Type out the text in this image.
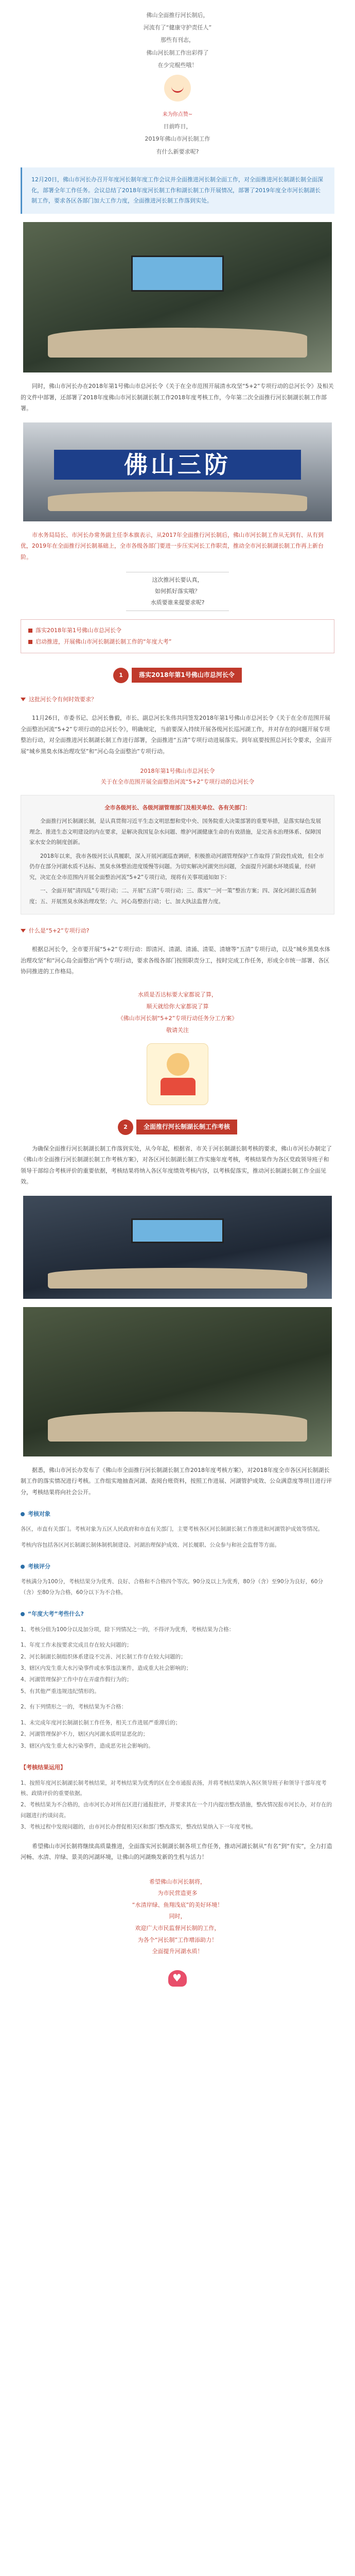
佛山全面推行河长制后，
河流有了“健康守护责任人”
那些有刊志，
佛山河长制工作出彩得了
在少完棍些哦！
来为你点赞~
日前昨日，
2019年佛山市河长制工作
有什么新要求呢?
12月20日，佛山市河长办召开年度河长制年度工作会议并全面推进河长制全面工作，对全面推进河长制湖长制全面深化，部署全年工作任务。会议总结了2018年度河长制工作和湖长制工作开展情况，部署了2019年度全市河长制湖长制工作，要求各区各部门加大工作力度，全面推进河长制工作落到实处。

同时，佛山市河长办在2018年第1号佛山市总河长令《关于在全市范围开展清水攻坚“5+2”专项行动的总河长令》及相关的文件中部署，还部署了2018年度佛山市河长制湖长制工作2018年度考核工作，今年第二次全面推行河长制湖长制工作部署。

佛山三防

市水务局局长、市河长办常务副主任李本旗表示，从2017年全面推行河长制后，佛山市河长制工作从无到有、从有到优，2019年在全面推行河长制基础上，全市各级各部门要进一步压实河长工作职责，推动全市河长制湖长制工作再上新台阶。

这次推河长要认真，
如何抓好落实哦？
水质要谁来提要求呢?
落实2018年第1号佛山市总河长令
启动推进，开展佛山市河长制湖长制工作的“年度大考”
1	落实2018年第1号佛山市总河长令
这批河长令有何时效要求？

11月26日，市委书记、总河长鲁毅，市长、副总河长朱伟共同签发2018年第1号佛山市总河长令《关于在全市范围开展全面整治河流“5+2”专项行动的总河长令》，明确规定，当前要深入持续开展各级河长巡河湖工作，并对存在的问题开展专项整治行动，对全面推进河长制湖长制工作进行部署，全面推进“五清”专项行动进展落实。到年底要按照总河长令要求，全面开展“城乡黑臭水体治理攻坚”和“河心岛全面整治”专项行动。

2018年第1号佛山市总河长令
关于在全市范围开展全面整治河流“5+2”专项行动的总河长令

全市各级河长、各级河湖管理部门及相关单位、各有关部门：

全面推行河长制湖长制，是认真贯彻习近平生态文明思想和党中央、国务院重大决策部署的重要举措，是落实绿色发展理念、推进生态文明建设的内在要求，是解决我国复杂水问题、维护河湖健康生命的有效措施，是完善水治理体系、保障国家水安全的制度创新。

2018年以来，我市各级河长认真履职，深入开展河湖巡查调研，积极推动河湖管理保护工作取得了阶段性成效，但全市仍存在部分河湖水质不达标、黑臭水体整治进度缓慢等问题。为切实解决河湖突出问题，全面提升河湖水环境质量，经研究，决定在全市范围内开展全面整治河流“5+2”专项行动，现将有关事项通知如下：

一、全面开展“清四乱”专项行动；二、开展“五清”专项行动；三、落实“一河一策”整治方案；四、深化河湖长巡查制度；五、开展黑臭水体治理攻坚；六、河心岛整治行动；七、加大执法监督力度。

什么是“5+2”专项行动?

根据总河长令，全市要开展“5+2”专项行动：即清河、清湖、清涌、清渠、清塘等“五清”专项行动，以及“城乡黑臭水体治理攻坚”和“河心岛全面整治”两个专项行动，要求各级各部门按照职责分工，按时完成工作任务，形成全市统一部署、各区协同推进的工作格局。

水质是否达标要大家都说了算，
顺天就给你大家都说了算
《佛山市河长制“5+2”专项行动任务分工方案》
敬请关注
2	全面推行河长制湖长制工作考核

为确保全面推行河长制湖长制工作落到实处，从今年起，根据省、市关于河长制湖长制考核的要求，佛山市河长办制定了《佛山市全面推行河长制湖长制工作考核方案》，对各区河长制湖长制工作实施年度考核，考核结果作为各区党政领导班子和领导干部综合考核评价的重要依据，考核结果将纳入各区年度绩效考核内容，以考核促落实，推动河长制湖长制工作全面见效。

据悉，佛山市河长办发布了《佛山市全面推行河长制湖长制工作2018年度考核方案》，对2018年度全市各区河长制湖长制工作的落实情况进行考核。工作组实地抽查河湖、查阅台账资料，按照工作进展、河湖管护成效、公众满意度等项目进行评分，考核结果将向社会公开。

考核对象

各区，市直有关部门。考核对象为五区人民政府和市直有关部门，主要考核各区河长制湖长制工作推进和河湖管护成效等情况。

考核内容包括各区河长制湖长制体制机制建设、河湖治理保护成效、河长履职、公众参与和社会监督等方面。

考核评分

考核满分为100分，考核结果分为优秀、良好、合格和不合格四个等次。90分及以上为优秀，80分（含）至90分为良好，60分（含）至80分为合格，60分以下为不合格。

“年度大考”考些什么?

1、考核分值为100分以及加分项，除下列情况之一的，不得评为优秀，考核结果为合格：

1、年度工作未按要求完成且存在较大问题的；
2、河长制湖长制组织体系建设不完善、河长制工作存在较大问题的；
3、辖区内发生重大水污染事件或水事违法案件，造成重大社会影响的；
4、河湖管理保护工作中存在弄虚作假行为的；
5、有其他严重违规违纪情形的。

2、有下列情形之一的，考核结果为不合格：

1、未完成年度河长制湖长制工作任务，相关工作进展严重滞后的；
2、河湖管理保护不力，辖区内河湖水质明显恶化的；
3、辖区内发生重大水污染事件，造成恶劣社会影响的。
【考核结果运用】
1、按照年度河长制湖长制考核结果，对考核结果为优秀的区在全市通报表扬，并将考核结果纳入各区领导班子和领导干部年度考核、政绩评价的重要依据。
2、考核结果为不合格的，由市河长办对所在区进行通报批评，并要求其在一个月内提出整改措施，整改情况报市河长办，对存在的问题进行约谈问责。
3、考核过程中发现问题的，由市河长办督促相关区和部门整改落实，整改结果纳入下一年度考核。

希望佛山市河长制将继续高质量推进，全面落实河长制湖长制各项工作任务，推动河湖长制从“有名”到“有实”，全力打造河畅、水清、岸绿、景美的河湖环境，让佛山的河湖焕发新的生机与活力！

希望佛山市河长制将，
为市民营造更多
“水清岸绿、鱼翔浅底”的美好环境！
同时，
欢迎广大市民监督河长制的工作，
为各个“河长制”工作增添助力！
全面提升河湖水质！
♥
